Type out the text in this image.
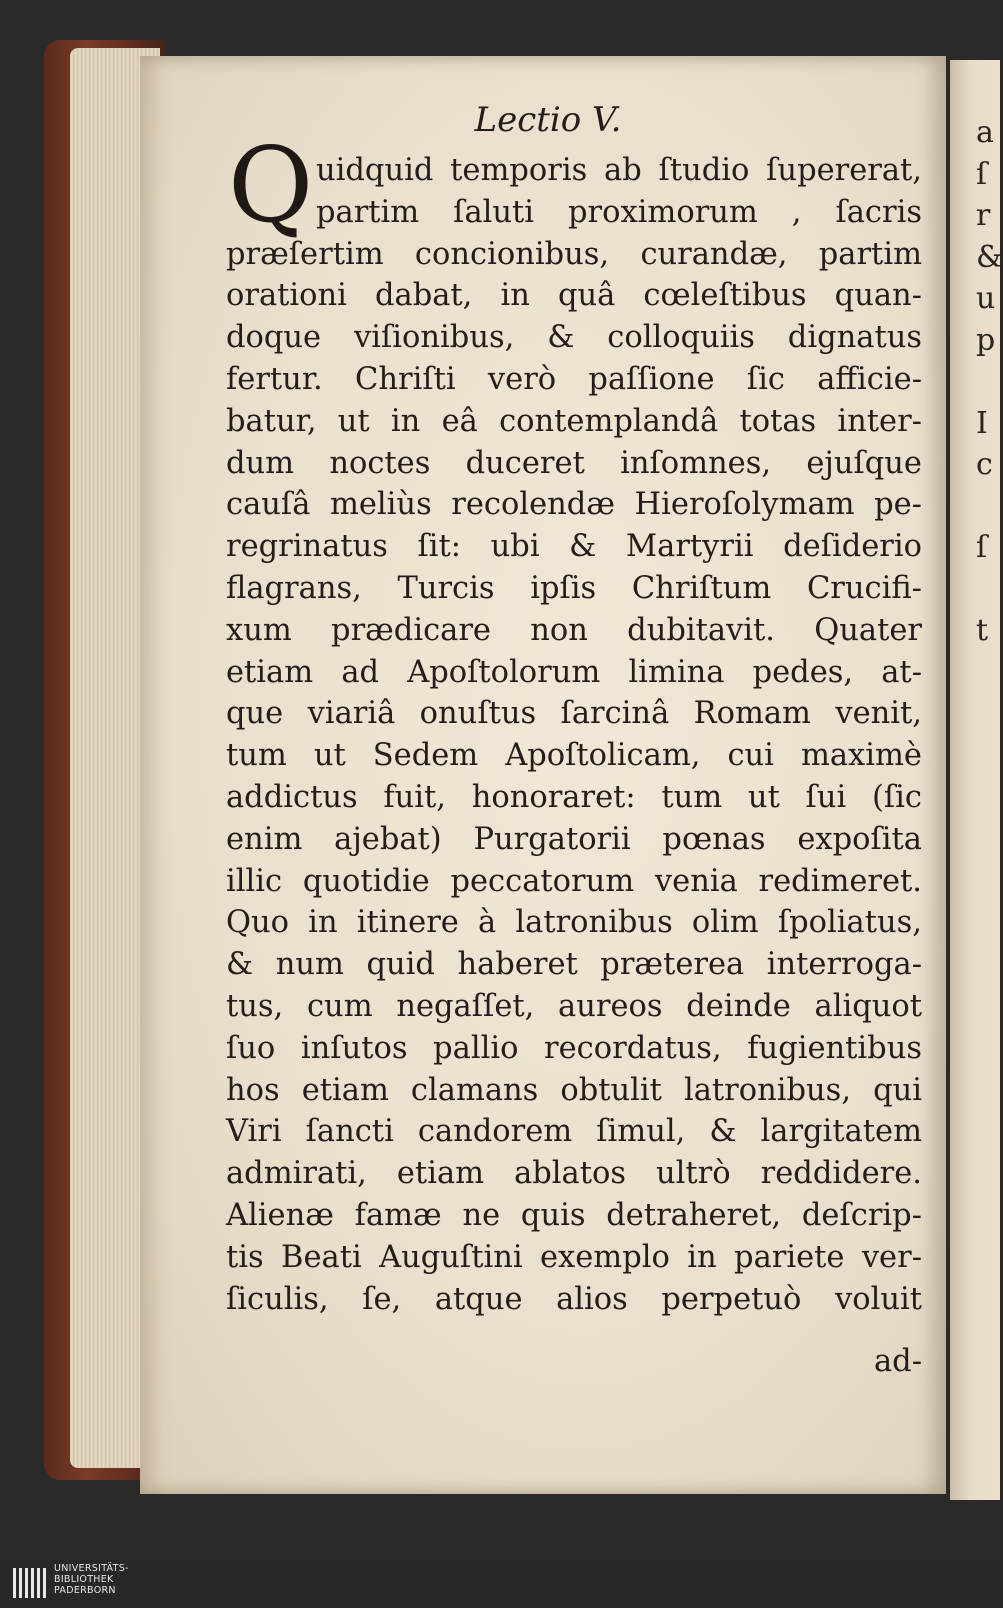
a
ſ
r
&
u
p
I
c
ſ
t
Lectio V.
Q uidquid temporis ab ſtudio ſupererat,
partim ſaluti proximorum , ſacris
præſertim concionibus, curandæ, partim
orationi dabat, in quâ cœleſtibus quan-
doque viſionibus, & colloquiis dignatus
fertur. Chriſti verò paſſione ſic afficie-
batur, ut in eâ contemplandâ totas inter-
dum noctes duceret inſomnes, ejuſque
cauſâ meliùs recolendæ Hieroſolymam pe-
regrinatus ſit: ubi & Martyrii deſiderio
flagrans, Turcis ipſis Chriſtum Crucifi-
xum prædicare non dubitavit. Quater
etiam ad Apoſtolorum limina pedes, at-
que viariâ onuſtus ſarcinâ Romam venit,
tum ut Sedem Apoſtolicam, cui maximè
addictus fuit, honoraret: tum ut ſui (ſic
enim ajebat) Purgatorii pœnas expoſita
illic quotidie peccatorum venia redimeret.
Quo in itinere à latronibus olim ſpoliatus,
& num quid haberet præterea interroga-
tus, cum negaſſet, aureos deinde aliquot
ſuo inſutos pallio recordatus, fugientibus
hos etiam clamans obtulit latronibus, qui
Viri ſancti candorem ſimul, & largitatem
admirati, etiam ablatos ultrò reddidere.
Alienæ famæ ne quis detraheret, deſcrip-
tis Beati Auguſtini exemplo in pariete ver-
ſiculis, ſe, atque alios perpetuò voluit
ad-
UNIVERSITÄTS-
BIBLIOTHEK
PADERBORN
